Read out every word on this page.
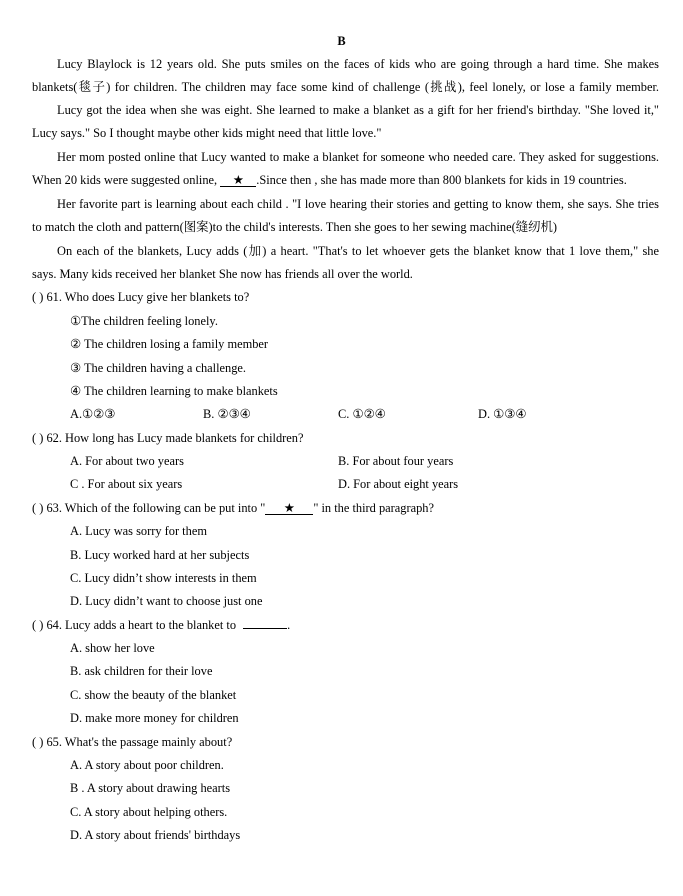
B
Lucy Blaylock is 12 years old. She puts smiles on the faces of kids who are going through a hard time. She makes
blankets(毯子) for children. The children may face some kind of challenge (挑战), feel lonely, or lose a family member.
Lucy got the idea when she was eight. She learned to make a blanket as a gift for her friend's birthday. "She loved it,"
Lucy says." So I thought maybe other kids might need that little love."
Her mom posted online that Lucy wanted to make a blanket for someone who needed care. They asked for suggestions.
When 20 kids were suggested online, ★ .Since then , she has made more than 800 blankets for kids in 19 countries.
Her favorite part is learning about each child . "I love hearing their stories and getting to know them, she says. She tries
to match the cloth and pattern(图案)to the child's interests. Then she goes to her sewing machine(缝纫机)
On each of the blankets, Lucy adds (加) a heart. "That's to let whoever gets the blanket know that 1 love them," she
says. Many kids received her blanket She now has friends all over the world.
( ) 61. Who does Lucy give her blankets to?
①The children feeling lonely.
② The children losing a family member
③ The children having a challenge.
④ The children learning to make blankets
A.①②③	B. ②③④	C. ①②④	D. ①③④
( ) 62. How long has Lucy made blankets for children?
A. For about two years	B. For about four years
C . For about six years	D. For about eight years
( ) 63. Which of the following can be put into " ★ " in the third paragraph?
A. Lucy was sorry for them
B. Lucy worked hard at her subjects
C. Lucy didn’t show interests in them
D. Lucy didn’t want to choose just one
( ) 64. Lucy adds a heart to the blanket to	.
A. show her love
B. ask children for their love
C. show the beauty of the blanket
D. make more money for children
( ) 65. What's the passage mainly about?
A. A story about poor children.
B . A story about drawing hearts
C. A story about helping others.
D. A story about friends' birthdays
